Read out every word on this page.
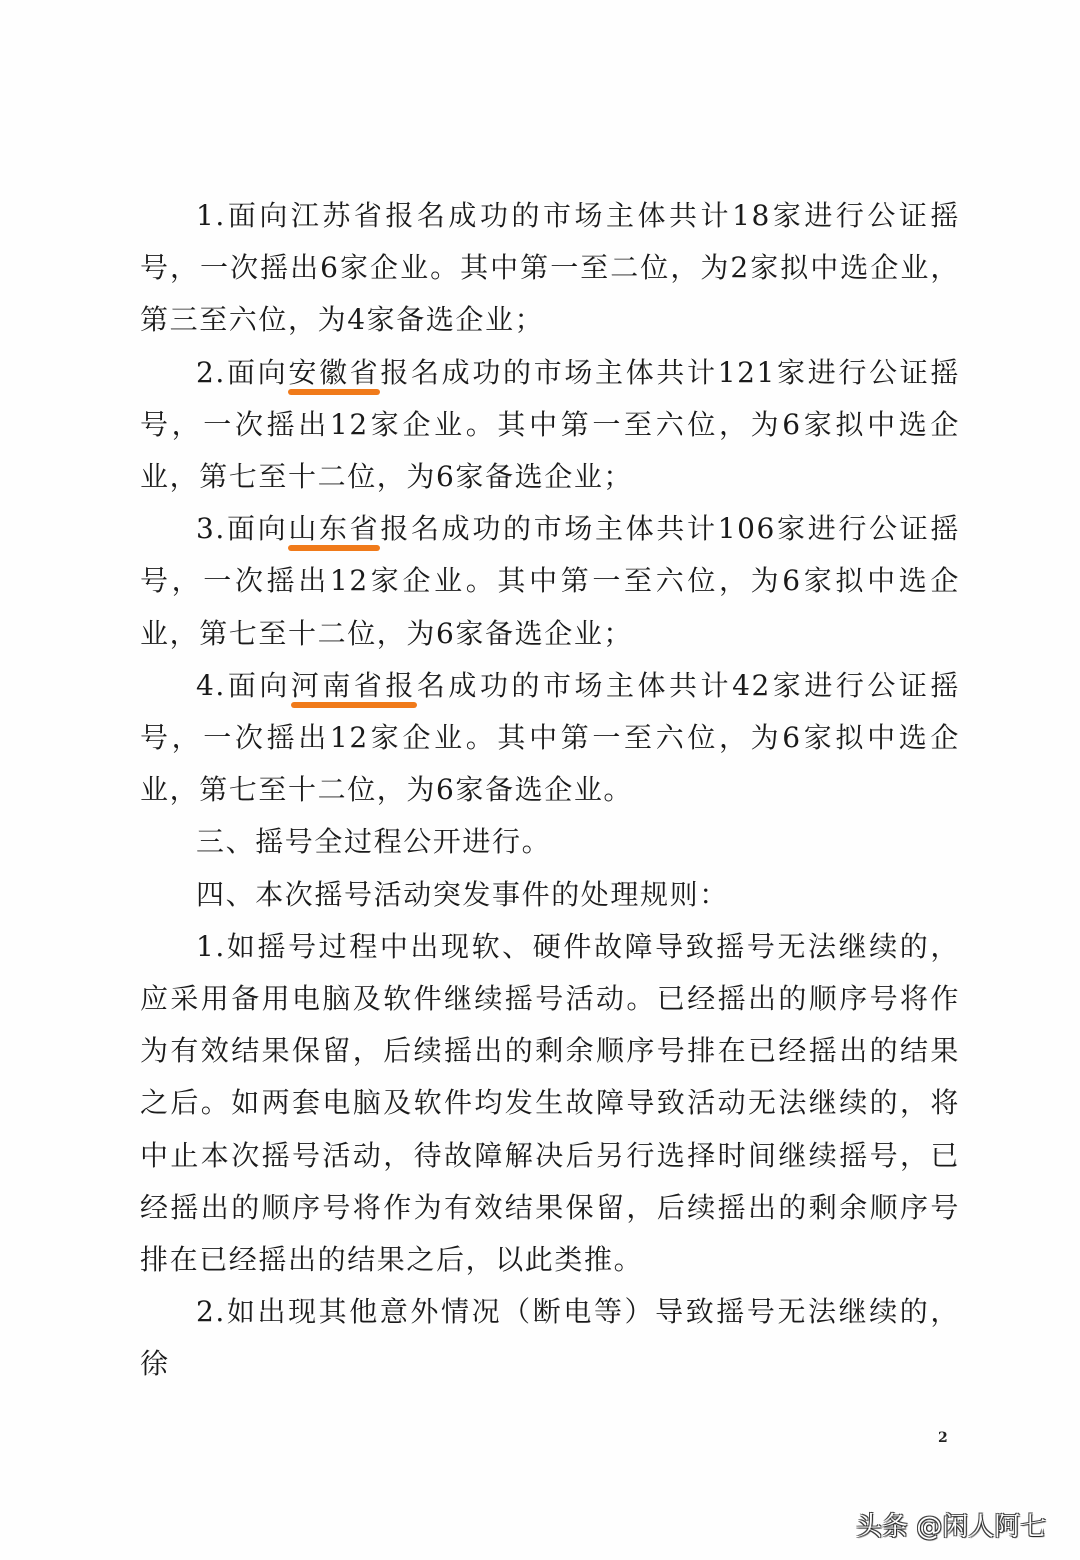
1.面向江苏省报名成功的市场主体共计18家进行公证摇号，一次摇出6家企业。其中第一至二位，为2家拟中选企业，第三至六位，为4家备选企业；

2.面向安徽省报名成功的市场主体共计121家进行公证摇号，一次摇出12家企业。其中第一至六位，为6家拟中选企业，第七至十二位，为6家备选企业；

3.面向山东省报名成功的市场主体共计106家进行公证摇号，一次摇出12家企业。其中第一至六位，为6家拟中选企业，第七至十二位，为6家备选企业；

4.面向河南省报名成功的市场主体共计42家进行公证摇号，一次摇出12家企业。其中第一至六位，为6家拟中选企业，第七至十二位，为6家备选企业。

三、摇号全过程公开进行。

四、本次摇号活动突发事件的处理规则：

1.如摇号过程中出现软、硬件故障导致摇号无法继续的，应采用备用电脑及软件继续摇号活动。已经摇出的顺序号将作为有效结果保留，后续摇出的剩余顺序号排在已经摇出的结果之后。如两套电脑及软件均发生故障导致活动无法继续的，将中止本次摇号活动，待故障解决后另行选择时间继续摇号，已经摇出的顺序号将作为有效结果保留，后续摇出的剩余顺序号排在已经摇出的结果之后，以此类推。

2.如出现其他意外情况（断电等）导致摇号无法继续的，徐

2
头条 @闲人阿七
